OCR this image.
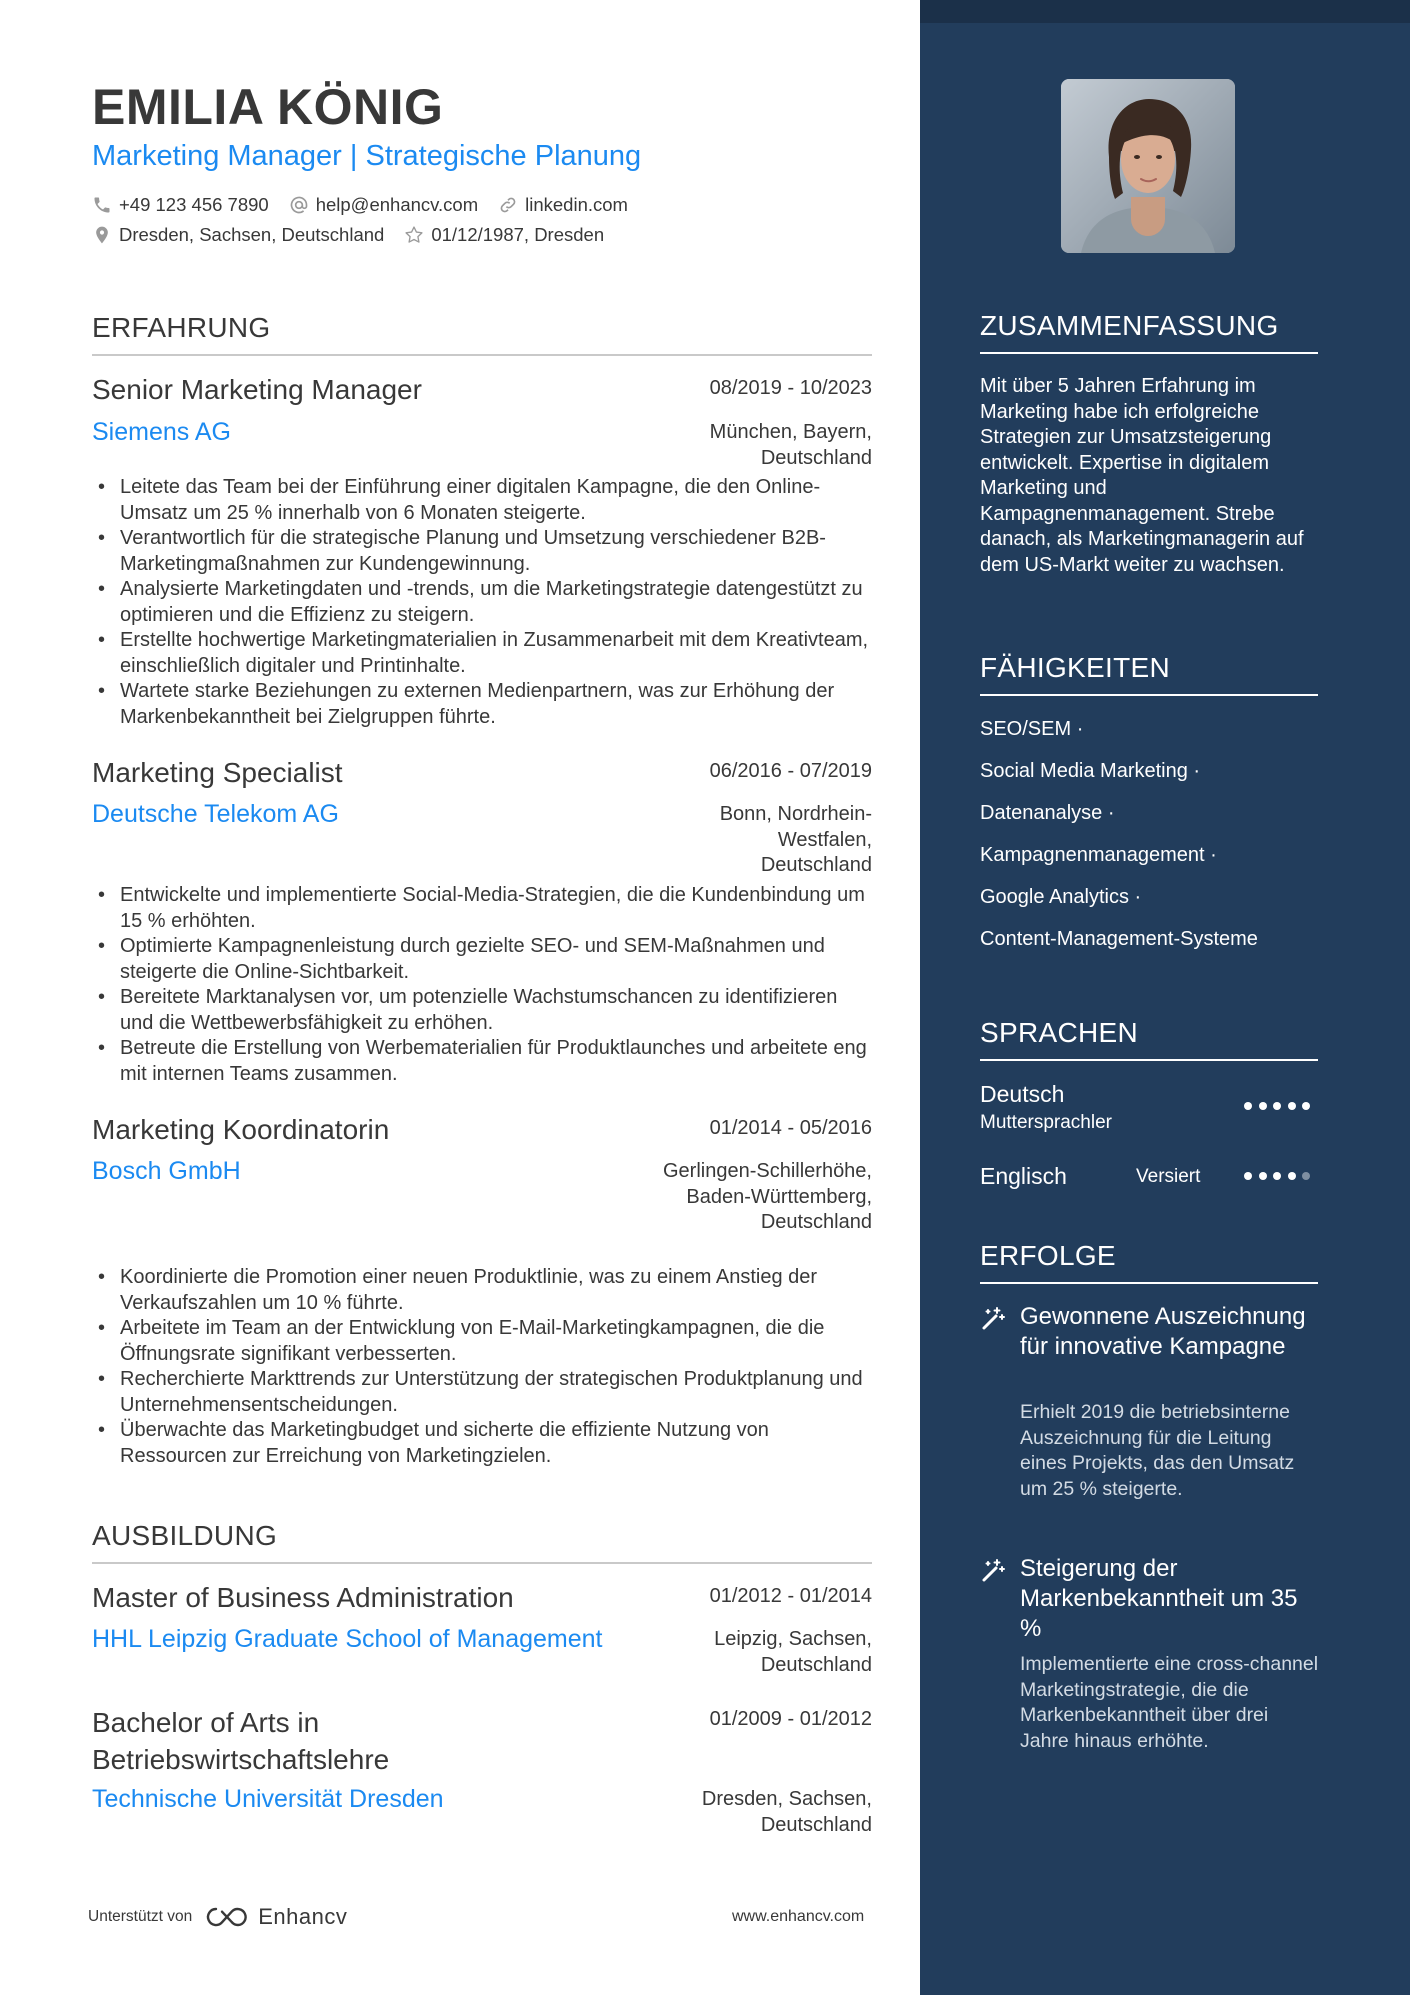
EMILIA KÖNIG
Marketing Manager | Strategische Planung
+49 123 456 7890	help@enhancv.com	linkedin.com
Dresden, Sachsen, Deutschland	01/12/1987, Dresden
ERFAHRUNG
Senior Marketing Manager	08/2019 - 10/2023
Siemens AG	München, Bayern, Deutschland
• Leitete das Team bei der Einführung einer digitalen Kampagne, die den Online-Umsatz um 25 % innerhalb von 6 Monaten steigerte.
• Verantwortlich für die strategische Planung und Umsetzung verschiedener B2B-Marketingmaßnahmen zur Kundengewinnung.
• Analysierte Marketingdaten und -trends, um die Marketingstrategie datengestützt zu optimieren und die Effizienz zu steigern.
• Erstellte hochwertige Marketingmaterialien in Zusammenarbeit mit dem Kreativteam, einschließlich digitaler und Printinhalte.
• Wartete starke Beziehungen zu externen Medienpartnern, was zur Erhöhung der Markenbekanntheit bei Zielgruppen führte.
Marketing Specialist	06/2016 - 07/2019
Deutsche Telekom AG	Bonn, Nordrhein-Westfalen, Deutschland
• Entwickelte und implementierte Social-Media-Strategien, die die Kundenbindung um 15 % erhöhten.
• Optimierte Kampagnenleistung durch gezielte SEO- und SEM-Maßnahmen und steigerte die Online-Sichtbarkeit.
• Bereitete Marktanalysen vor, um potenzielle Wachstumschancen zu identifizieren und die Wettbewerbsfähigkeit zu erhöhen.
• Betreute die Erstellung von Werbematerialien für Produktlaunches und arbeitete eng mit internen Teams zusammen.
Marketing Koordinatorin	01/2014 - 05/2016
Bosch GmbH	Gerlingen-Schillerhöhe, Baden-Württemberg, Deutschland
• Koordinierte die Promotion einer neuen Produktlinie, was zu einem Anstieg der Verkaufszahlen um 10 % führte.
• Arbeitete im Team an der Entwicklung von E-Mail-Marketingkampagnen, die die Öffnungsrate signifikant verbesserten.
• Recherchierte Markttrends zur Unterstützung der strategischen Produktplanung und Unternehmensentscheidungen.
• Überwachte das Marketingbudget und sicherte die effiziente Nutzung von Ressourcen zur Erreichung von Marketingzielen.
AUSBILDUNG
Master of Business Administration	01/2012 - 01/2014
HHL Leipzig Graduate School of Management	Leipzig, Sachsen, Deutschland
Bachelor of Arts in Betriebswirtschaftslehre
01/2009 - 01/2012
Technische Universität Dresden	Dresden, Sachsen, Deutschland
Unterstützt von	Enhancv	www.enhancv.com
ZUSAMMENFASSUNG
Mit über 5 Jahren Erfahrung im Marketing habe ich erfolgreiche Strategien zur Umsatzsteigerung entwickelt. Expertise in digitalem Marketing und Kampagnenmanagement. Strebe danach, als Marketingmanagerin auf dem US-Markt weiter zu wachsen.
FÄHIGKEITEN
SEO/SEM ·
Social Media Marketing ·
Datenanalyse ·
Kampagnenmanagement ·
Google Analytics ·
Content-Management-Systeme
SPRACHEN
Deutsch
Muttersprachler
Englisch	Versiert
ERFOLGE
Gewonnene Auszeichnung für innovative Kampagne
Erhielt 2019 die betriebsinterne Auszeichnung für die Leitung eines Projekts, das den Umsatz um 25 % steigerte.
Steigerung der Markenbekanntheit um 35 %
Implementierte eine cross-channel Marketingstrategie, die die Markenbekanntheit über drei Jahre hinaus erhöhte.
